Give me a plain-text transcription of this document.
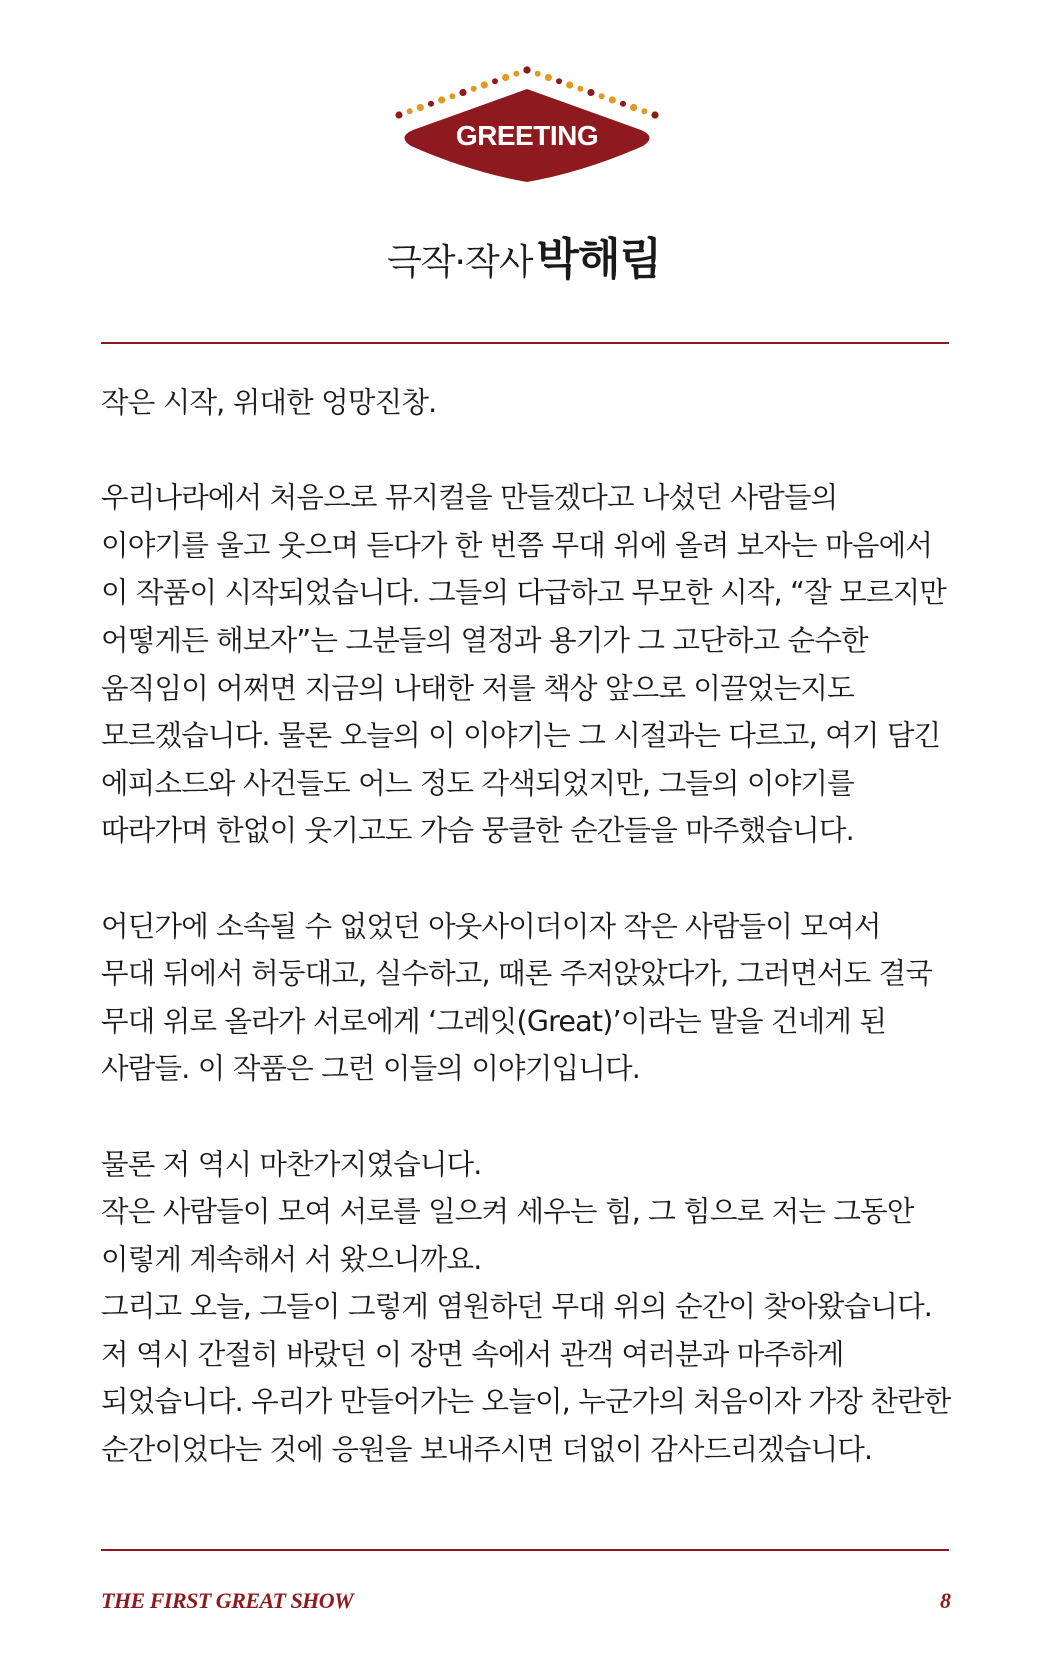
GREETING
극작·작사박해림

작은 시작, 위대한 엉망진창.

우리나라에서 처음으로 뮤지컬을 만들겠다고 나섰던 사람들의 이야기를 울고 웃으며 듣다가 한 번쯤 무대 위에 올려 보자는 마음에서 이 작품이 시작되었습니다. 그들의 다급하고 무모한 시작, “잘 모르지만 어떻게든 해보자”는 그분들의 열정과 용기가 그 고단하고 순수한 움직임이 어쩌면 지금의 나태한 저를 책상 앞으로 이끌었는지도 모르겠습니다. 물론 오늘의 이 이야기는 그 시절과는 다르고, 여기 담긴 에피소드와 사건들도 어느 정도 각색되었지만, 그들의 이야기를 따라가며 한없이 웃기고도 가슴 뭉클한 순간들을 마주했습니다.

어딘가에 소속될 수 없었던 아웃사이더이자 작은 사람들이 모여서

무대 뒤에서 허둥대고, 실수하고, 때론 주저앉았다가, 그러면서도 결국 무대 위로 올라가 서로에게 ‘그레잇(Great)’이라는 말을 건네게 된 사람들. 이 작품은 그런 이들의 이야기입니다.

물론 저 역시 마찬가지였습니다.

작은 사람들이 모여 서로를 일으켜 세우는 힘, 그 힘으로 저는 그동안 이렇게 계속해서 서 왔으니까요.

그리고 오늘, 그들이 그렇게 염원하던 무대 위의 순간이 찾아왔습니다.

저 역시 간절히 바랐던 이 장면 속에서 관객 여러분과 마주하게 되었습니다. 우리가 만들어가는 오늘이, 누군가의 처음이자 가장 찬란한 순간이었다는 것에 응원을 보내주시면 더없이 감사드리겠습니다.

THE FIRST GREAT SHOW	8
